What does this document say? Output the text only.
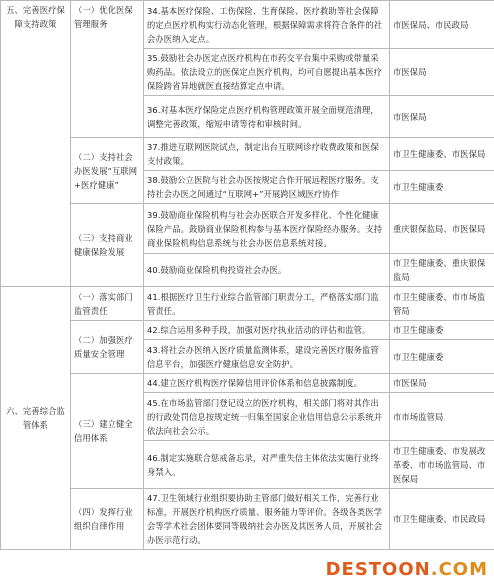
五、完善医疗保障支持政策	（一）优化医保管理服务	34.基本医疗保险、工伤保险、生育保险、医疗救助等社会保障的定点医疗机构实行动态化管理，根据保障需求将符合条件的社会办医纳入定点。	市医保局、市民政局
		35.鼓励社会办医定点医疗机构在市药交平台集中采购或带量采购药品。依法设立的医保定点医疗机构，均可自愿提出基本医疗保险跨省异地就医直接结算定点申请。	市医保局
		36.对基本医疗保险定点医疗机构管理政策开展全面规范清理，调整完善政策，缩短申请等待和审核时间。	市医保局
	（二）支持社会办医发展“互联网+医疗健康”	37.推进互联网医院试点，制定出台互联网诊疗收费政策和医保支付政策。	市卫生健康委、市医保局
		38.鼓励公立医院与社会办医按规定合作开展远程医疗服务。支持社会办医之间通过“互联网+”开展跨区域医疗协作	市卫生健康委
	（三）支持商业健康保险发展	39.鼓励商业保险机构与社会办医联合开发多样化、个性化健康保险产品。鼓励商业保险机构参与基本医疗保险经办服务。支持商业保险机构信息系统与社会办医信息系统对接。	重庆银保监局、市医保局
		40.鼓励商业保险机构投资社会办医。	市卫生健康委、重庆银保监局
六、完善综合监管体系	（一）落实部门监管责任	41.根据医疗卫生行业综合监管部门职责分工，严格落实部门监管责任。	市卫生健康委、市市场监管局
	（二）加强医疗质量安全管理	42.综合运用多种手段，加强对医疗执业活动的评估和监管。	市卫生健康委
		43.将社会办医纳入医疗质量监测体系，建设完善医疗服务监管信息平台，加强医疗健康信息安全防护。	市卫生健康委
	（三）建立健全信用体系	44.建立医疗机构医疗保障信用评价体系和信息披露制度。	市医保局
		45.在市场监管部门登记设立的医疗机构，相关部门将对其作出的行政处罚信息按规定统一归集至国家企业信用信息公示系统并依法向社会公示。	市市场监管局
		46.制定实施联合惩戒备忘录，对严重失信主体依法实施行业终身禁入。	市卫生健康委、市发展改革委、市市场监管局、市医保局
	（四）发挥行业组织自律作用	47.卫生领域行业组织要协助主管部门做好相关工作，完善行业标准，开展医疗机构医疗质量、服务能力等评价。各级各类医学会等学术社会团体要同等吸纳社会办医及其医务人员，开展社会办医示范行动。	市卫生健康委、市民政局
DESTOON.COM
